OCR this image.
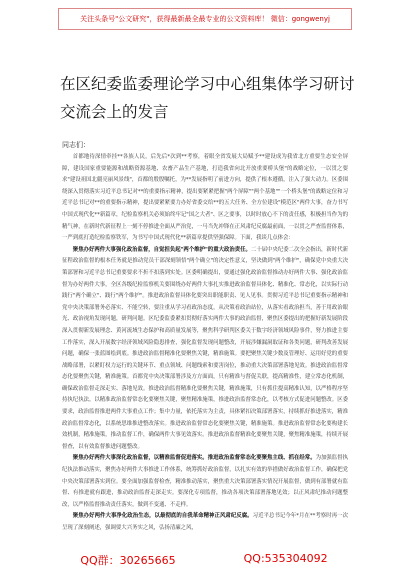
关注头条号"公文研究"，获得最新最全最专业的公文资料库！ 微信：gongwenyj
在区纪委监委理论学习中心组集体学习研讨交流会上的发言
同志们：

首都地待深情牵挂**各族人民，后先后*次到**考察，着眼全省发展大局赋予**建设成为我省北方重要生态安全屏障，建设国家重要能源和战略资源基地、农畜产品生产基地，打造我省向北开放重要桥头堡"的战略定位，一以贯之要求"建设祖国北疆亮丽风景线"，首都的殷殷嘱托，为**发展指明了前进方向，提供了根本遵循，注入了强大动力。区委围绕深入贯彻落实习近平总书记对**的重要指示精神，提出要紧紧把握"两个屏障""两个基地""一个桥头堡"的战略定位和习近平总书记对**的重要指示精神，提出要紧紧要力办好省委交给**的五大任务、全方位建设"模范区"两件大事，奋力书写中国式现代化**新篇章，纪检监察机关必须始终牢记"国之大者"、区之要事，以时时放心不下的责任感，积极担当作为的精气神，在新时代新征程上一刻不停推进全面从严治党，一马当先冲锋在正风肃纪反腐最前面，一以贯之严查监督体系，一严到底打造纪检监察铁军，为书写中国式现代化**新篇章提供坚强保障。下面，我谈几点体会：

聚焦办好两件大事强化政治监督，自觉担负起"两个维护"的重大政治责任。二十届中央纪委二次全会指出，新时代新征程政治监督的根本任务就是推动党员干部深刻领悟"两个确立"的决定性意义，坚决做到"两个维护"，确保党中央重大决策部署和习近平总书记重要要求不折不扣落到实处。区委明确提出，要通过强化政治监督推动办好两件大事、强化政治监督为办好两件大事，全区各级纪检监察机关要围绕办好两件大事扎实推进政治监督具体化、精准化、常态化，以实际行动践行"两个确立"、践行"两个维护"。推进政治监督具体化要突出职能职责、见人见事。贯彻习近平总书记重要指示精神和党中央决策部署务必落实、不能空转，要注重从学习看政治态度，从决策看政治站位，从落实看政治担当，善于用政治眼光、政治视角发现问题，研判问题。区纪委监委紧扣贯彻好落实两件大事的政治监督，聚焦区委提出的把握好新发展阶段深入贯彻新发展理念、黄河流域生态保护和高质量发展等，聚焦科学研判区委关于数字经济领域风险事件，努力推进主要工作落实，深入开展数字经济领域风险隐患排查，强化监督发现问题整改，开展涉嫌漏洞取证和各类问题，研判改善发展问题，确保一张蓝图绘到底。推进政治监督精准化要聚焦关键，精准施策。要把聚焦关键少数及管理好、运用好党的重要战略部署，以紧盯权力运行的关键环节、重点领域、问题线索和要害岗位，推动重大决策部署落地见效。推进政治监督常态化要聚焦关键，精准施策。首都党中央决策部署涉及方方面面，只有精准与督促关联，提高精准性，建立常态化机制，确保政治监督走深走实、落地见效。推进政治监督精准化要聚焦关键，精准施策，只有抓住提高精准认知，以严格程序坚持执纪执法。以精准政治监督常态化要聚焦关键，聚焦精准施策，推进政治监督常态化，以考核方式促进问题整改。区委要求，政治监督推进两件大事重点工作；集中力量，依托落实为主责，具体紧扣决策部署落实，持续抓好推进落实，精准政治监督常态化，以系统思维推进整改落实。推进政治监督常态化要聚焦关键，精准施策。推进政治监督常态化要构建长效机制，精准施策，推动监督工作，确保两件大事见效落实。推进政治监督精准化要聚焦关键，聚焦精准施策，持续开展督查，以有效监督推进问题整改。

聚焦办好两件大事深化政治监督，以精准监督促进落实。推进政治监督常态化要聚焦主线、抓在经常。为加强监督执纪执法推动落实，聚焦办好两件大事推进工作体系，统筹抓好政治监督，以扎实有效的举措做好政治监督工作，确保把党中央决策部署落实到位。要全面加强监督检查，精准推动落实，聚焦重大决策部署落实情况开展监督，做到有部署就有监督、有推进就有跟进，推动政治监督走深走实。要深化专项监督，推动各项决策部署落地见效；以正风肃纪推动问题整改，以严格监督推动责任落实，做到不变通、不走样。

聚焦办好两件大事净化政治生态，以最彻底的自我革命精神正风肃纪反腐。习近平总书记今年*月在**考察时再一次呈现了深刻阐述，强调要大兴务实之风，弘扬清廉之风，

QQ群：30265665	QQ:535304092
